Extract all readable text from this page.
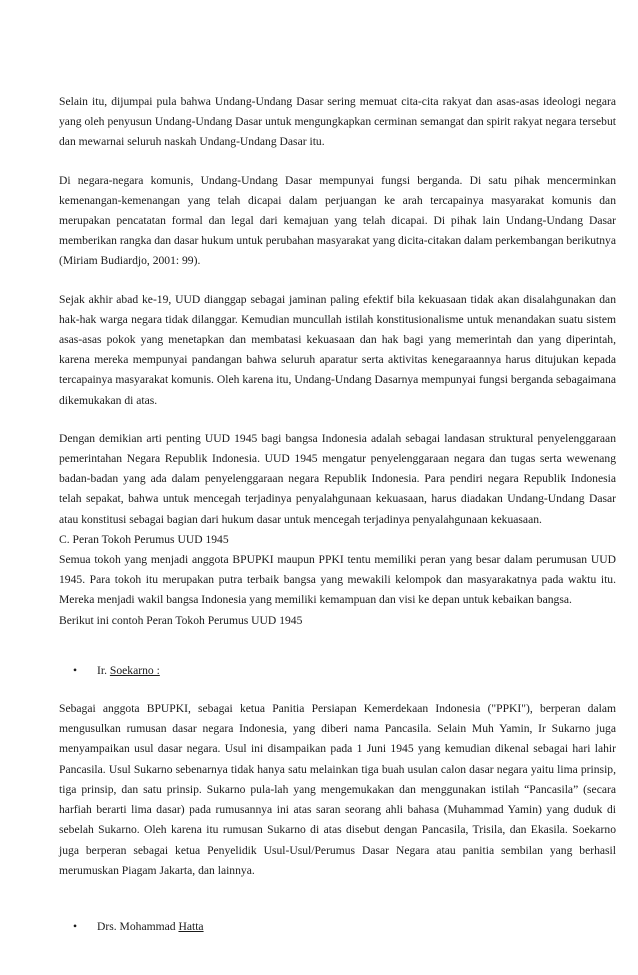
Selain itu, dijumpai pula bahwa Undang-Undang Dasar sering memuat cita-cita rakyat dan asas-asas ideologi negara yang oleh penyusun Undang-Undang Dasar untuk mengungkapkan cerminan semangat dan spirit rakyat negara tersebut dan mewarnai seluruh naskah Undang-Undang Dasar itu.

Di negara-negara komunis, Undang-Undang Dasar mempunyai fungsi berganda. Di satu pihak mencerminkan kemenangan-kemenangan yang telah dicapai dalam perjuangan ke arah tercapainya masyarakat komunis dan merupakan pencatatan formal dan legal dari kemajuan yang telah dicapai. Di pihak lain Undang-Undang Dasar memberikan rangka dan dasar hukum untuk perubahan masyarakat yang dicita-citakan dalam perkembangan berikutnya (Miriam Budiardjo, 2001: 99).

Sejak akhir abad ke-19, UUD dianggap sebagai jaminan paling efektif bila kekuasaan tidak akan disalahgunakan dan hak-hak warga negara tidak dilanggar. Kemudian muncullah istilah konstitusionalisme untuk menandakan suatu sistem asas-asas pokok yang menetapkan dan membatasi kekuasaan dan hak bagi yang memerintah dan yang diperintah, karena mereka mempunyai pandangan bahwa seluruh aparatur serta aktivitas kenegaraannya harus ditujukan kepada tercapainya masyarakat komunis. Oleh karena itu, Undang-Undang Dasarnya mempunyai fungsi berganda sebagaimana dikemukakan di atas.

Dengan demikian arti penting UUD 1945 bagi bangsa Indonesia adalah sebagai landasan struktural penyelenggaraan pemerintahan Negara Republik Indonesia. UUD 1945 mengatur penyelenggaraan negara dan tugas serta wewenang badan-badan yang ada dalam penyelenggaraan negara Republik Indonesia. Para pendiri negara Republik Indonesia telah sepakat, bahwa untuk mencegah terjadinya penyalahgunaan kekuasaan, harus diadakan Undang-Undang Dasar atau konstitusi sebagai bagian dari hukum dasar untuk mencegah terjadinya penyalahgunaan kekuasaan.

C. Peran Tokoh Perumus UUD 1945

Semua tokoh yang menjadi anggota BPUPKI maupun PPKI tentu memiliki peran yang besar dalam perumusan UUD 1945. Para tokoh itu merupakan putra terbaik bangsa yang mewakili kelompok dan masyarakatnya pada waktu itu. Mereka menjadi wakil bangsa Indonesia yang memiliki kemampuan dan visi ke depan untuk kebaikan bangsa.

Berikut ini contoh Peran Tokoh Perumus UUD 1945

• Ir. Soekarno :

Sebagai anggota BPUPKI, sebagai ketua Panitia Persiapan Kemerdekaan Indonesia ("PPKI"), berperan dalam mengusulkan rumusan dasar negara Indonesia, yang diberi nama Pancasila. Selain Muh Yamin, Ir Sukarno juga menyampaikan usul dasar negara. Usul ini disampaikan pada 1 Juni 1945 yang kemudian dikenal sebagai hari lahir Pancasila. Usul Sukarno sebenarnya tidak hanya satu melainkan tiga buah usulan calon dasar negara yaitu lima prinsip, tiga prinsip, dan satu prinsip. Sukarno pula-lah yang mengemukakan dan menggunakan istilah “Pancasila” (secara harfiah berarti lima dasar) pada rumusannya ini atas saran seorang ahli bahasa (Muhammad Yamin) yang duduk di sebelah Sukarno. Oleh karena itu rumusan Sukarno di atas disebut dengan Pancasila, Trisila, dan Ekasila. Soekarno juga berperan sebagai ketua Penyelidik Usul-Usul/Perumus Dasar Negara atau panitia sembilan yang berhasil merumuskan Piagam Jakarta, dan lainnya.

• Drs. Mohammad Hatta
